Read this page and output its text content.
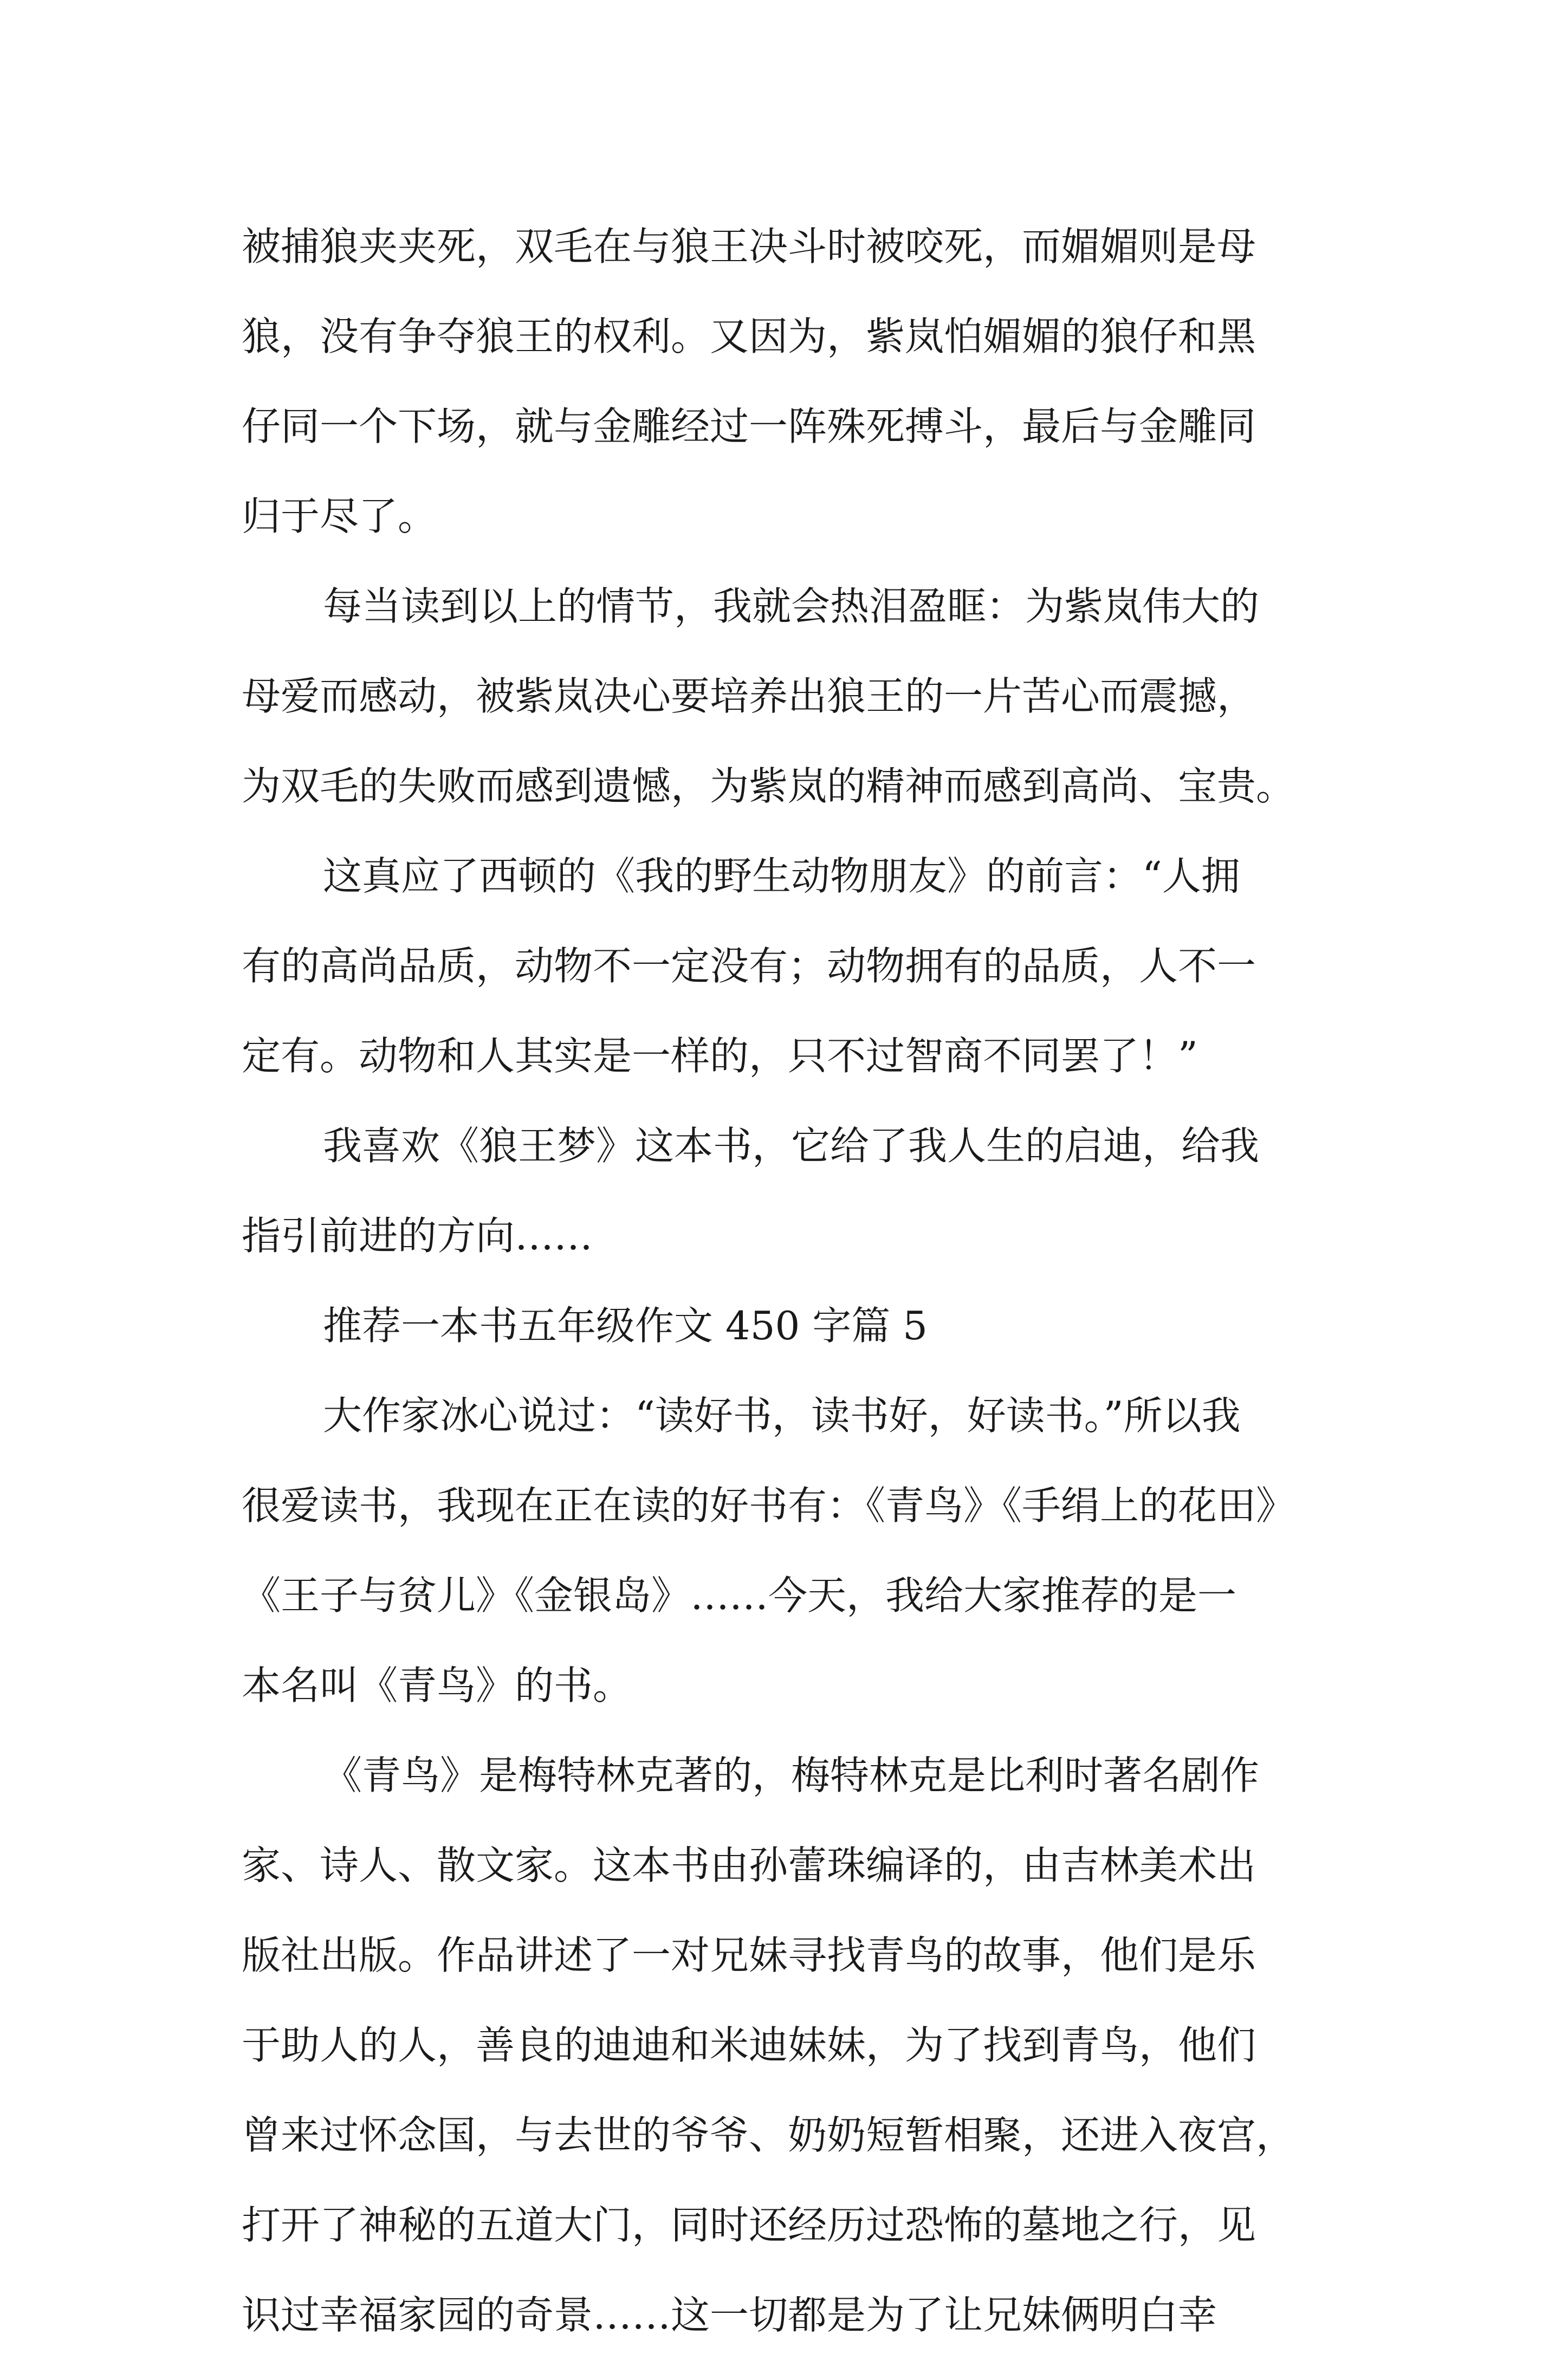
被捕狼夹夹死，双毛在与狼王决斗时被咬死，而媚媚则是母
狼，没有争夺狼王的权利。又因为，紫岚怕媚媚的狼仔和黑
仔同一个下场，就与金雕经过一阵殊死搏斗，最后与金雕同
归于尽了。
每当读到以上的情节，我就会热泪盈眶：为紫岚伟大的
母爱而感动，被紫岚决心要培养出狼王的一片苦心而震撼，
为双毛的失败而感到遗憾，为紫岚的精神而感到高尚、宝贵。
这真应了西顿的《我的野生动物朋友》的前言：“人拥
有的高尚品质，动物不一定没有；动物拥有的品质，人不一
定有。动物和人其实是一样的，只不过智商不同罢了！”
我喜欢《狼王梦》这本书，它给了我人生的启迪，给我
指引前进的方向……
推荐一本书五年级作文 450 字篇 5
大作家冰心说过：“读好书，读书好，好读书。”所以我
很爱读书，我现在正在读的好书有：《青鸟》《手绢上的花田》
《王子与贫儿》《金银岛》……今天，我给大家推荐的是一
本名叫《青鸟》的书。
《青鸟》是梅特林克著的，梅特林克是比利时著名剧作
家、诗人、散文家。这本书由孙蕾珠编译的，由吉林美术出
版社出版。作品讲述了一对兄妹寻找青鸟的故事，他们是乐
于助人的人，善良的迪迪和米迪妹妹，为了找到青鸟，他们
曾来过怀念国，与去世的爷爷、奶奶短暂相聚，还进入夜宫，
打开了神秘的五道大门，同时还经历过恐怖的墓地之行，见
识过幸福家园的奇景……这一切都是为了让兄妹俩明白幸
